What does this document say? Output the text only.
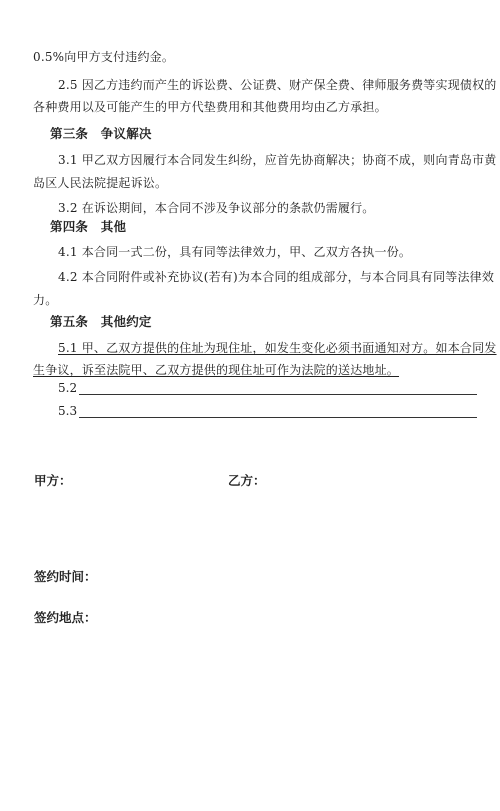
0.5%向甲方支付违约金。
2.5 因乙方违约而产生的诉讼费、公证费、财产保全费、律师服务费等实现债权的
各种费用以及可能产生的甲方代垫费用和其他费用均由乙方承担。
第三条　争议解决
3.1 甲乙双方因履行本合同发生纠纷，应首先协商解决；协商不成，则向青岛市黄
岛区人民法院提起诉讼。
3.2 在诉讼期间，本合同不涉及争议部分的条款仍需履行。
第四条　其他
4.1 本合同一式二份，具有同等法律效力，甲、乙双方各执一份。
4.2 本合同附件或补充协议(若有)为本合同的组成部分，与本合同具有同等法律效
力。
第五条　其他约定
5.1 甲、乙双方提供的住址为现住址，如发生变化必须书面通知对方。如本合同发
生争议，诉至法院甲、乙双方提供的现住址可作为法院的送达地址。
5.2
5.3
甲方：	乙方：
签约时间：
签约地点：
